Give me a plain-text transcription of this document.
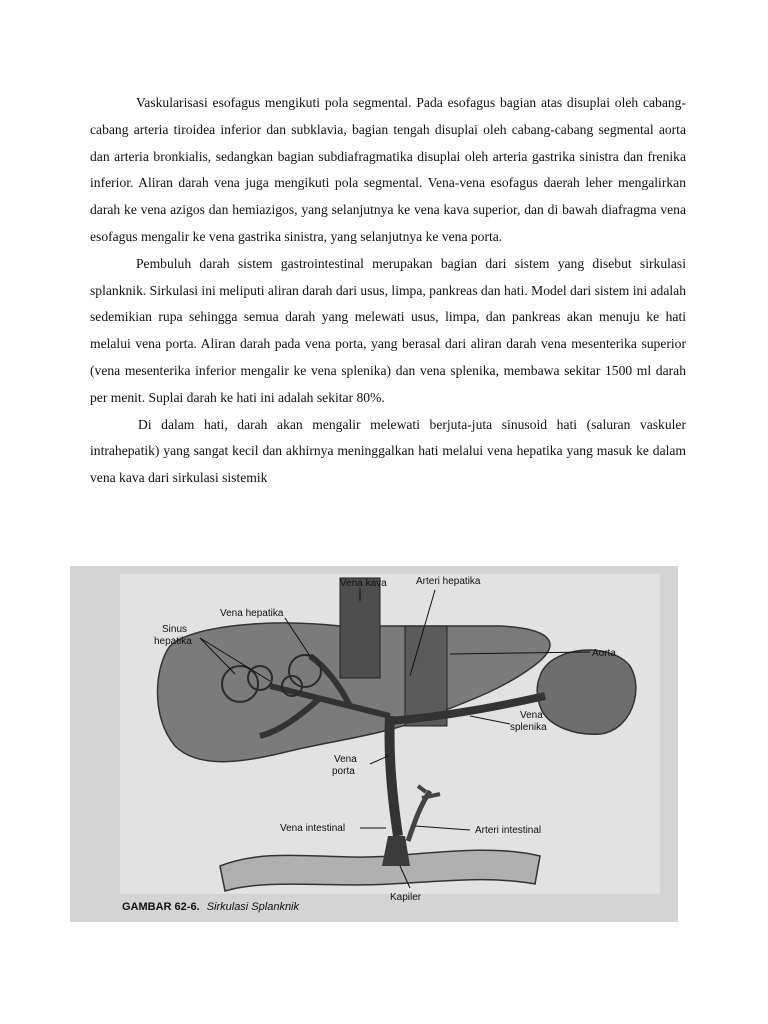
Vaskularisasi esofagus mengikuti pola segmental. Pada esofagus bagian atas disuplai oleh cabang-cabang arteria tiroidea inferior dan subklavia, bagian tengah disuplai oleh cabang-cabang segmental aorta dan arteria bronkialis, sedangkan bagian subdiafragmatika disuplai oleh arteria gastrika sinistra dan frenika inferior. Aliran darah vena juga mengikuti pola segmental. Vena-vena esofagus daerah leher mengalirkan darah ke vena azigos dan hemiazigos, yang selanjutnya ke vena kava superior, dan di bawah diafragma vena esofagus mengalir ke vena gastrika sinistra, yang selanjutnya ke vena porta.

Pembuluh darah sistem gastrointestinal merupakan bagian dari sistem yang disebut sirkulasi splanknik. Sirkulasi ini meliputi aliran darah dari usus, limpa, pankreas dan hati. Model dari sistem ini adalah sedemikian rupa sehingga semua darah yang melewati usus, limpa, dan pankreas akan menuju ke hati melalui vena porta. Aliran darah pada vena porta, yang berasal dari aliran darah vena mesenterika superior (vena mesenterika inferior mengalir ke vena splenika) dan vena splenika, membawa sekitar 1500 ml darah per menit. Suplai darah ke hati ini adalah sekitar 80%.

Di dalam hati, darah akan mengalir melewati berjuta-juta sinusoid hati (saluran vaskuler intrahepatik) yang sangat kecil dan akhirnya meninggalkan hati melalui vena hepatika yang masuk ke dalam vena kava dari sirkulasi sistemik

Vena kava
Vena hepatika
Sinus
hepatika
Arteri hepatika
Aorta
Vena
splenika
Vena
porta
Vena intestinal	Arteri intestinal
Kapiler
GAMBAR 62-6. Sirkulasi Splanknik
